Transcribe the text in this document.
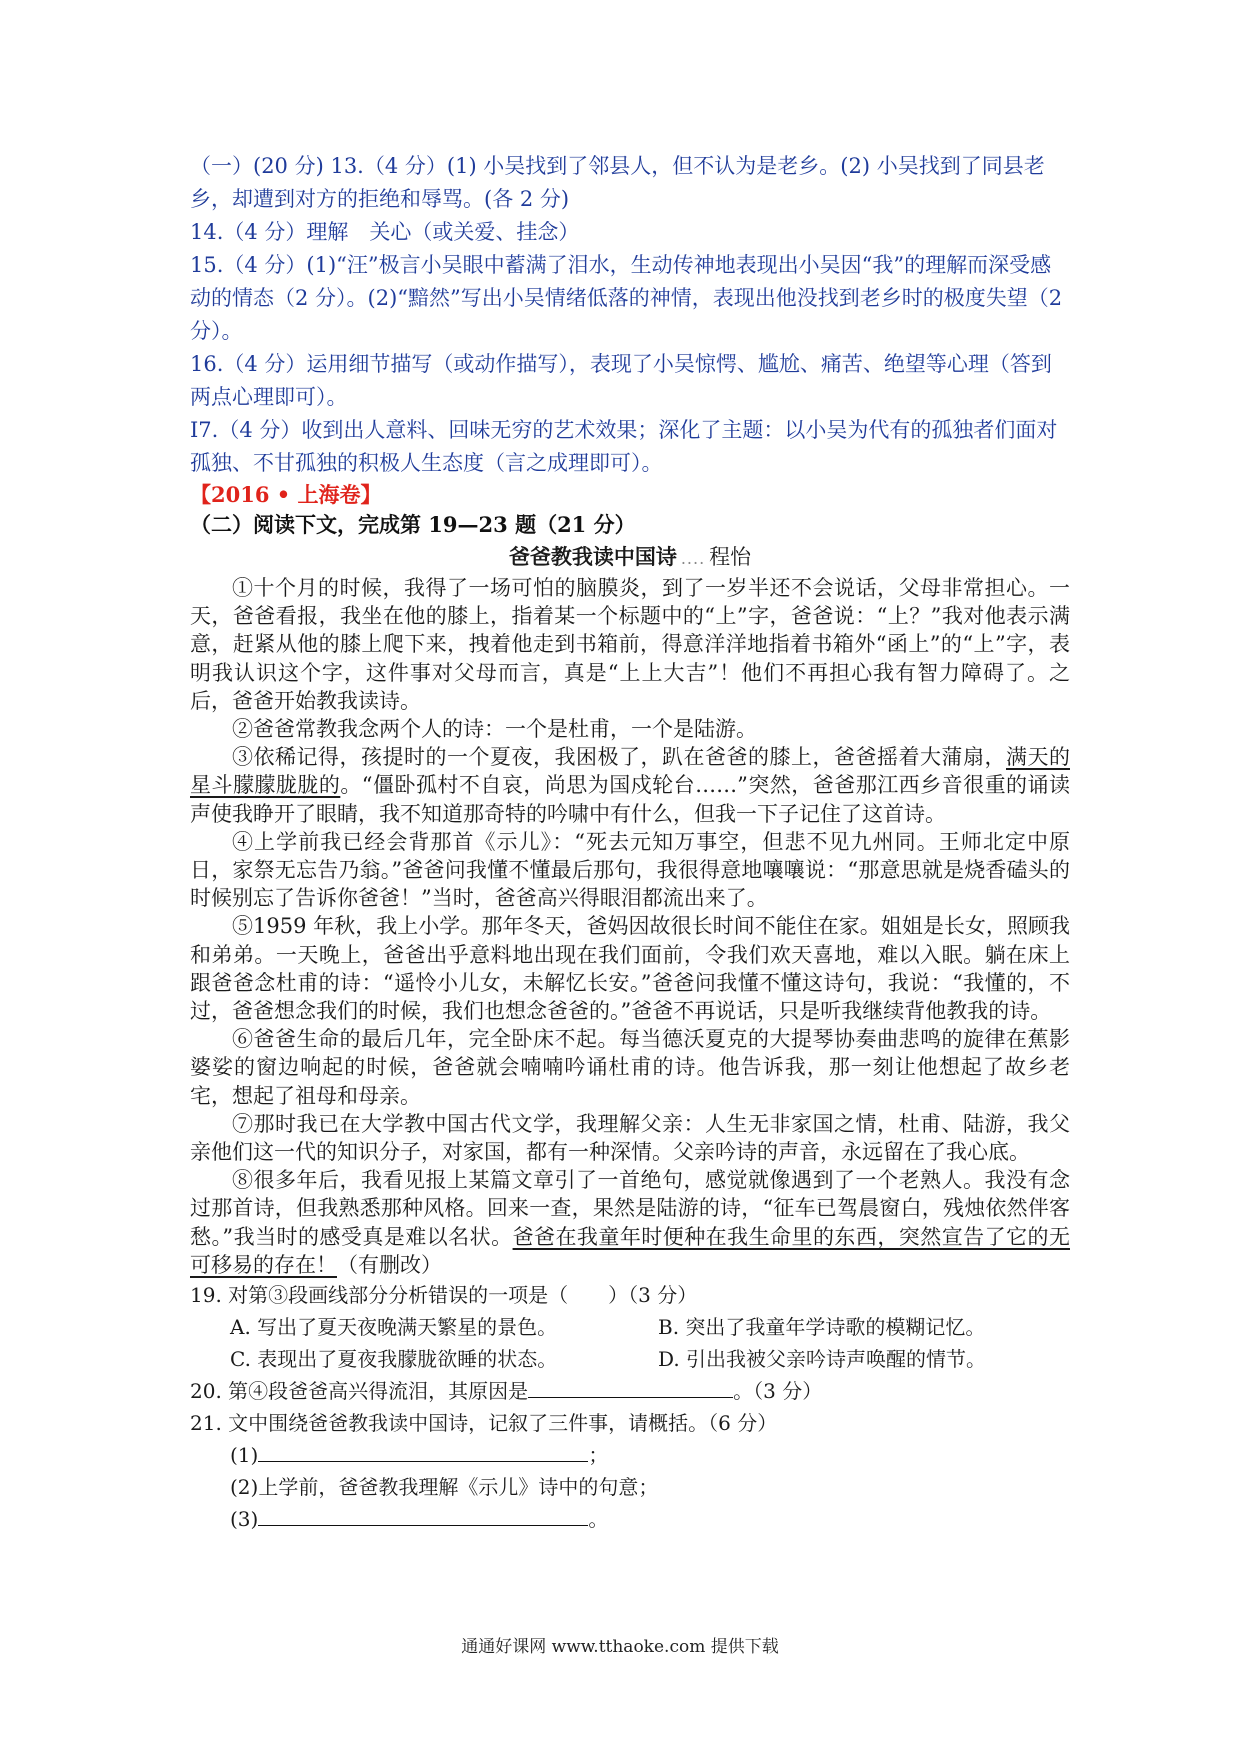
（一）(20 分) 13.（4 分）(1) 小吴找到了邻县人，但不认为是老乡。(2) 小吴找到了同县老乡，却遭到对方的拒绝和辱骂。(各 2 分)

14.（4 分）理解　关心（或关爱、挂念）

15.（4 分）(1)“汪”极言小吴眼中蓄满了泪水，生动传神地表现出小吴因“我”的理解而深受感动的情态（2 分）。(2)“黯然”写出小吴情绪低落的神情，表现出他没找到老乡时的极度失望（2 分）。

16.（4 分）运用细节描写（或动作描写），表现了小吴惊愕、尴尬、痛苦、绝望等心理（答到两点心理即可）。

I7.（4 分）收到出人意料、回味无穷的艺术效果；深化了主题：以小吴为代有的孤独者们面对孤独、不甘孤独的积极人生态度（言之成理即可）。

【2016 • 上海卷】

（二）阅读下文，完成第 19—23 题（21 分）

爸爸教我读中国诗 .... 程怡

①十个月的时候，我得了一场可怕的脑膜炎，到了一岁半还不会说话，父母非常担心。一天，爸爸看报，我坐在他的膝上，指着某一个标题中的“上”字，爸爸说：“上？”我对他表示满意，赶紧从他的膝上爬下来，拽着他走到书箱前，得意洋洋地指着书箱外“函上”的“上”字，表明我认识这个字，这件事对父母而言，真是“上上大吉”！他们不再担心我有智力障碍了。之后，爸爸开始教我读诗。

②爸爸常教我念两个人的诗：一个是杜甫，一个是陆游。

③依稀记得，孩提时的一个夏夜，我困极了，趴在爸爸的膝上，爸爸摇着大蒲扇，满天的星斗朦朦胧胧的。“僵卧孤村不自哀，尚思为国戍轮台……”突然，爸爸那江西乡音很重的诵读声使我睁开了眼睛，我不知道那奇特的吟啸中有什么，但我一下子记住了这首诗。

④上学前我已经会背那首《示儿》：“死去元知万事空，但悲不见九州同。王师北定中原日，家祭无忘告乃翁。”爸爸问我懂不懂最后那句，我很得意地嚷嚷说：“那意思就是烧香磕头的时候别忘了告诉你爸爸！”当时，爸爸高兴得眼泪都流出来了。

⑤1959 年秋，我上小学。那年冬天，爸妈因故很长时间不能住在家。姐姐是长女，照顾我和弟弟。一天晚上，爸爸出乎意料地出现在我们面前，令我们欢天喜地，难以入眠。躺在床上跟爸爸念杜甫的诗：“遥怜小儿女，未解忆长安。”爸爸问我懂不懂这诗句，我说：“我懂的，不过，爸爸想念我们的时候，我们也想念爸爸的。”爸爸不再说话，只是听我继续背他教我的诗。

⑥爸爸生命的最后几年，完全卧床不起。每当德沃夏克的大提琴协奏曲悲鸣的旋律在蕉影婆娑的窗边响起的时候，爸爸就会喃喃吟诵杜甫的诗。他告诉我，那一刻让他想起了故乡老宅，想起了祖母和母亲。

⑦那时我已在大学教中国古代文学，我理解父亲：人生无非家国之情，杜甫、陆游，我父亲他们这一代的知识分子，对家国，都有一种深情。父亲吟诗的声音，永远留在了我心底。

⑧很多年后，我看见报上某篇文章引了一首绝句，感觉就像遇到了一个老熟人。我没有念过那首诗，但我熟悉那种风格。回来一查，果然是陆游的诗，“征车已驾晨窗白，残烛依然伴客愁。”我当时的感受真是难以名状。爸爸在我童年时便种在我生命里的东西，突然宣告了它的无可移易的存在！（有删改）

19. 对第③段画线部分分析错误的一项是（　　）（3 分）

A. 写出了夏天夜晚满天繁星的景色。	B. 突出了我童年学诗歌的模糊记忆。
C. 表现出了夏夜我朦胧欲睡的状态。	D. 引出我被父亲吟诗声唤醒的情节。

20. 第④段爸爸高兴得流泪，其原因是	。（3 分）

21. 文中围绕爸爸教我读中国诗，记叙了三件事，请概括。（6 分）

(1)	；

(2)上学前，爸爸教我理解《示儿》诗中的句意；

(3)	。

通通好课网 www.tthaoke.com 提供下载
